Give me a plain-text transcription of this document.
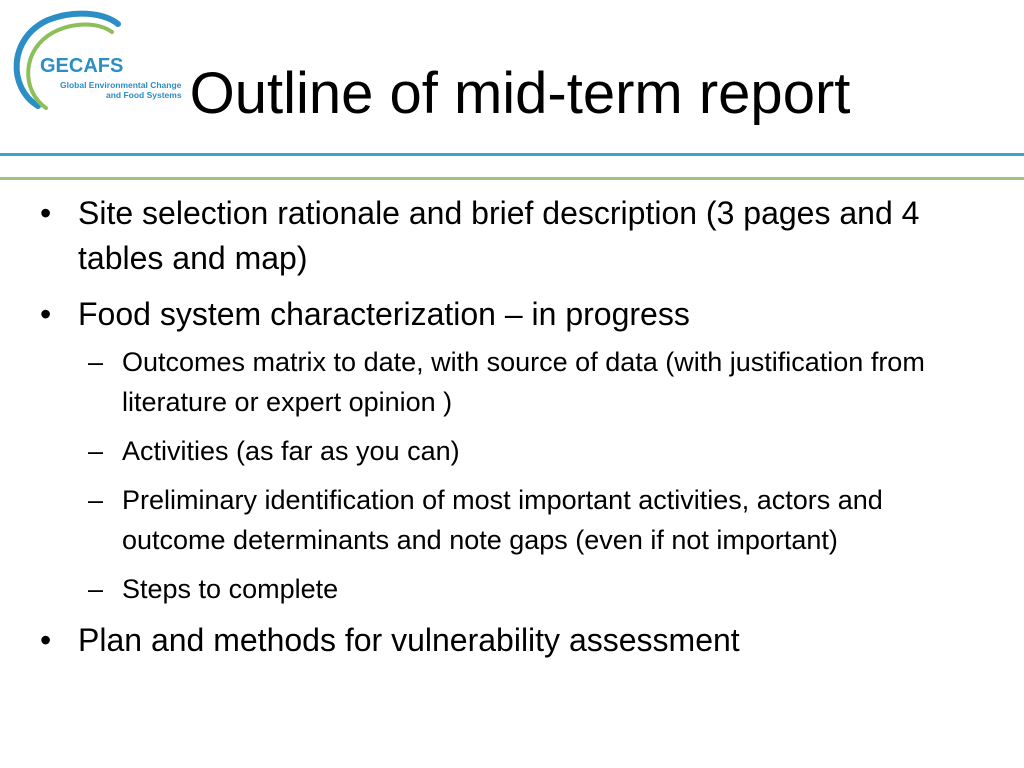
GECAFS
Global Environmental Change
and Food Systems Outline of mid-term report
• Site selection rationale and brief description (3 pages and 4 tables and map)
• Food system characterization – in progress
– Outcomes matrix to date, with source of data (with justification from literature or expert opinion )
– Activities (as far as you can)
– Preliminary identification of most important activities, actors and outcome determinants and note gaps (even if not important)
– Steps to complete
• Plan and methods for vulnerability assessment
